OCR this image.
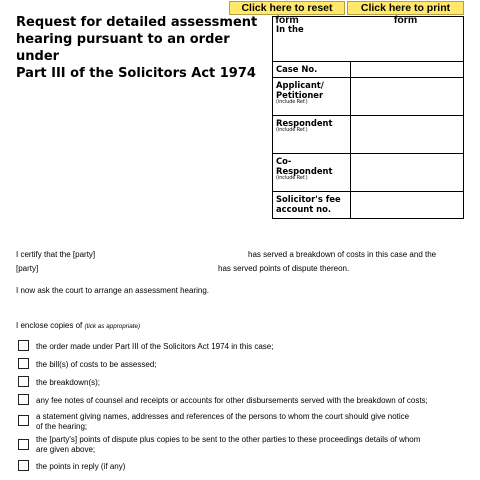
Request for detailed assessment
hearing pursuant to an order under
Part III of the Solicitors Act 1974
Click here to reset form
Click here to print form
In the
Case No.
Applicant/
Petitioner
(include Ref.)
Respondent
(include Ref.)
Co-Respondent
(include Ref.)
Solicitor's fee
account no.
I certify that the [party]	has served a breakdown of costs in this case and the
[party]	has served points of dispute thereon.
I now ask the court to arrange an assessment hearing.
I enclose copies of (tick as appropriate)
the order made under Part III of the Solicitors Act 1974 in this case;
the bill(s) of costs to be assessed;
the breakdown(s);
any fee notes of counsel and receipts or accounts for other disbursements served with the breakdown of costs;
a statement giving names, addresses and references of the persons to whom the court should give notice of the hearing;
the [party's] points of dispute plus copies to be sent to the other parties to these proceedings details of whom are given above;
the points in reply (if any)
